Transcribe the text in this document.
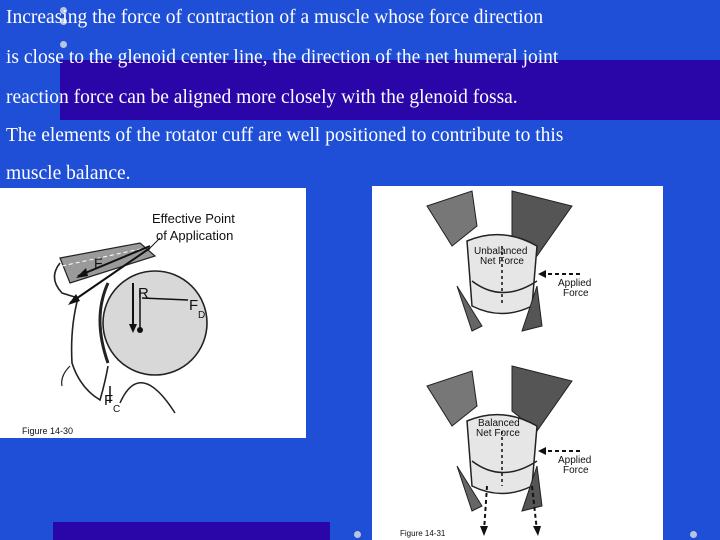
Increasing the force of contraction of a muscle whose force direction
is close to the glenoid center line, the direction of the net humeral joint
reaction force can be aligned more closely with the glenoid fossa.
The elements of the rotator cuff are well positioned to contribute to this
muscle balance.
Effective Point
of Application
F
R
F
D
F
C
Figure 14-30
Unbalanced
Net Force
Applied
Force
Balanced
Net Force
Applied
Force
Figure 14-31
